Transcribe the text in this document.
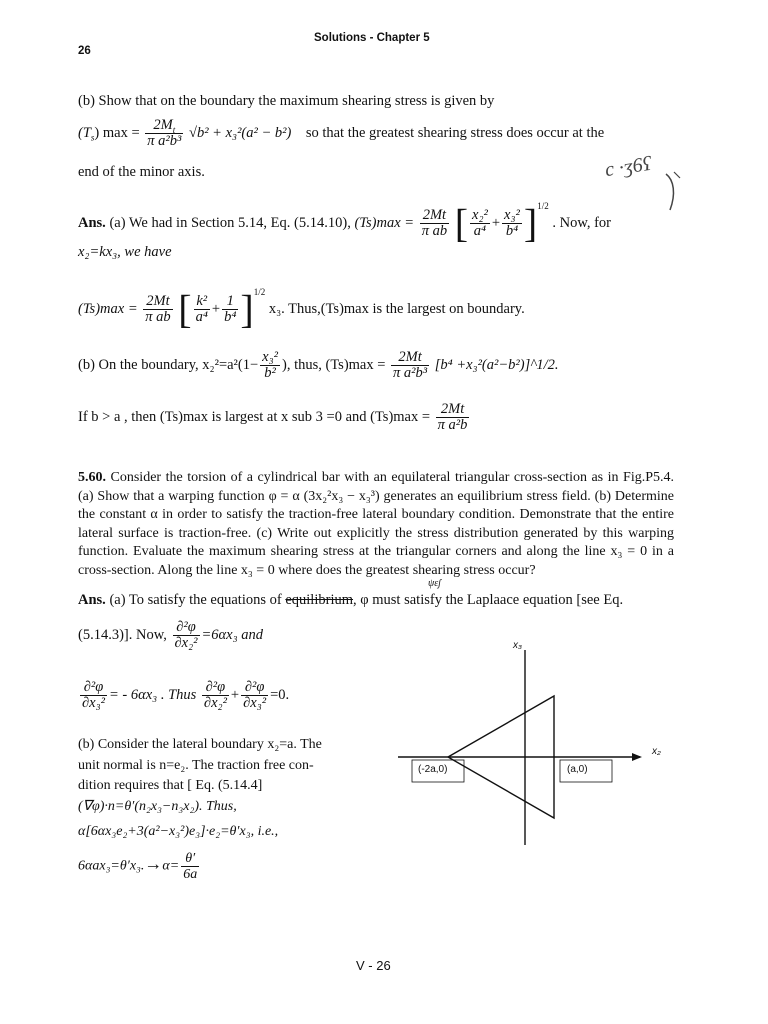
Solutions - Chapter 5
26
(b) Show that on the boundary the maximum shearing stress is given by
$(T_s) \max = \frac{2M_t}{\text{π a²b³}} √b^2 + x_3^2(a^2 - b^2)$ so that the greatest shearing stress does occur at the
end of the minor axis.	c ·ʒ6ʕ
Ans. (a) We had in Section 5.14, Eq. (5.14.10), $(Ts)\max = \frac{2Mt}{\text{π ab}}$ [ $\frac{\text{x₂²}}{\text{a⁴}} + \frac{\text{x₃²}}{\text{b⁴}} ]^{1/2}$ . Now, for
x₂=kx₃, we have
$(Ts)\max = \frac{2Mt}{\text{π ab}}$ [ $\frac{\text{k²}}{\text{a⁴}} + \frac{1}{\text{b⁴}} ]^{1/2}$ x₃. Thus,(Ts)max is the largest on boundary.
(b) On the boundary, $x_2^2=a^2(1- \frac{\text{x₃²}}{\text{b²}}$ ), thus, $(Ts)\max = \frac{2Mt}{\text{π a²b³}} [b^4$ +x₃²(a²−b²)]^1/2.
If b > a , then (Ts)max is largest at x sub 3 =0 and $(Ts)\max = \frac{2Mt}{\text{π a²b}}$
5.60. Consider the torsion of a cylindrical bar with an equilateral triangular cross-section as in Fig.P5.4. (a) Show that a warping function φ = α (3x₂²x₃ − x₃³) generates an equilibrium stress field. (b) Determine the constant α in order to satisfy the traction-free lateral boundary condition. Demonstrate that the entire lateral surface is traction-free. (c) Write out explicitly the stress distribution generated by this warping function. Evaluate the maximum shearing stress at the triangular corners and along the line x₃ = 0 in a cross-section. Along the line x₃ = 0 where does the greatest shearing stress occur?
ψεʃ
Ans. (a) To satisfy the equations of equilibrium, φ must satisfy the Laplaace equation [see Eq.
(5.14.3)]. Now, $\frac{\text{∂²φ}}{\text{∂x₂²}} =6\alpha x_3$ and
$\frac{\text{∂²φ}}{\text{∂x₃²}}$ = - 6αx₃ . Thus $\frac{\text{∂²φ}}{\text{∂x₂²}} + \frac{\text{∂²φ}}{\text{∂x₃²}} =0$.
(b) Consider the lateral boundary x₂=a. The
unit normal is n=e₂. The traction free con-
dition requires that [ Eq. (5.14.4]
(∇φ)·n=θ′(n₂x₃−n₃x₂). Thus,
α[6αx₃e₂+3(a²−x₃²)e₃]·e₂=θ′x₃, i.e.,
$6\alpha ax_3=\theta'x_3.\to\alpha= \frac{\theta'}{6a}$
x₃
x₂
(-2a,0)	(a,0)
V - 26
